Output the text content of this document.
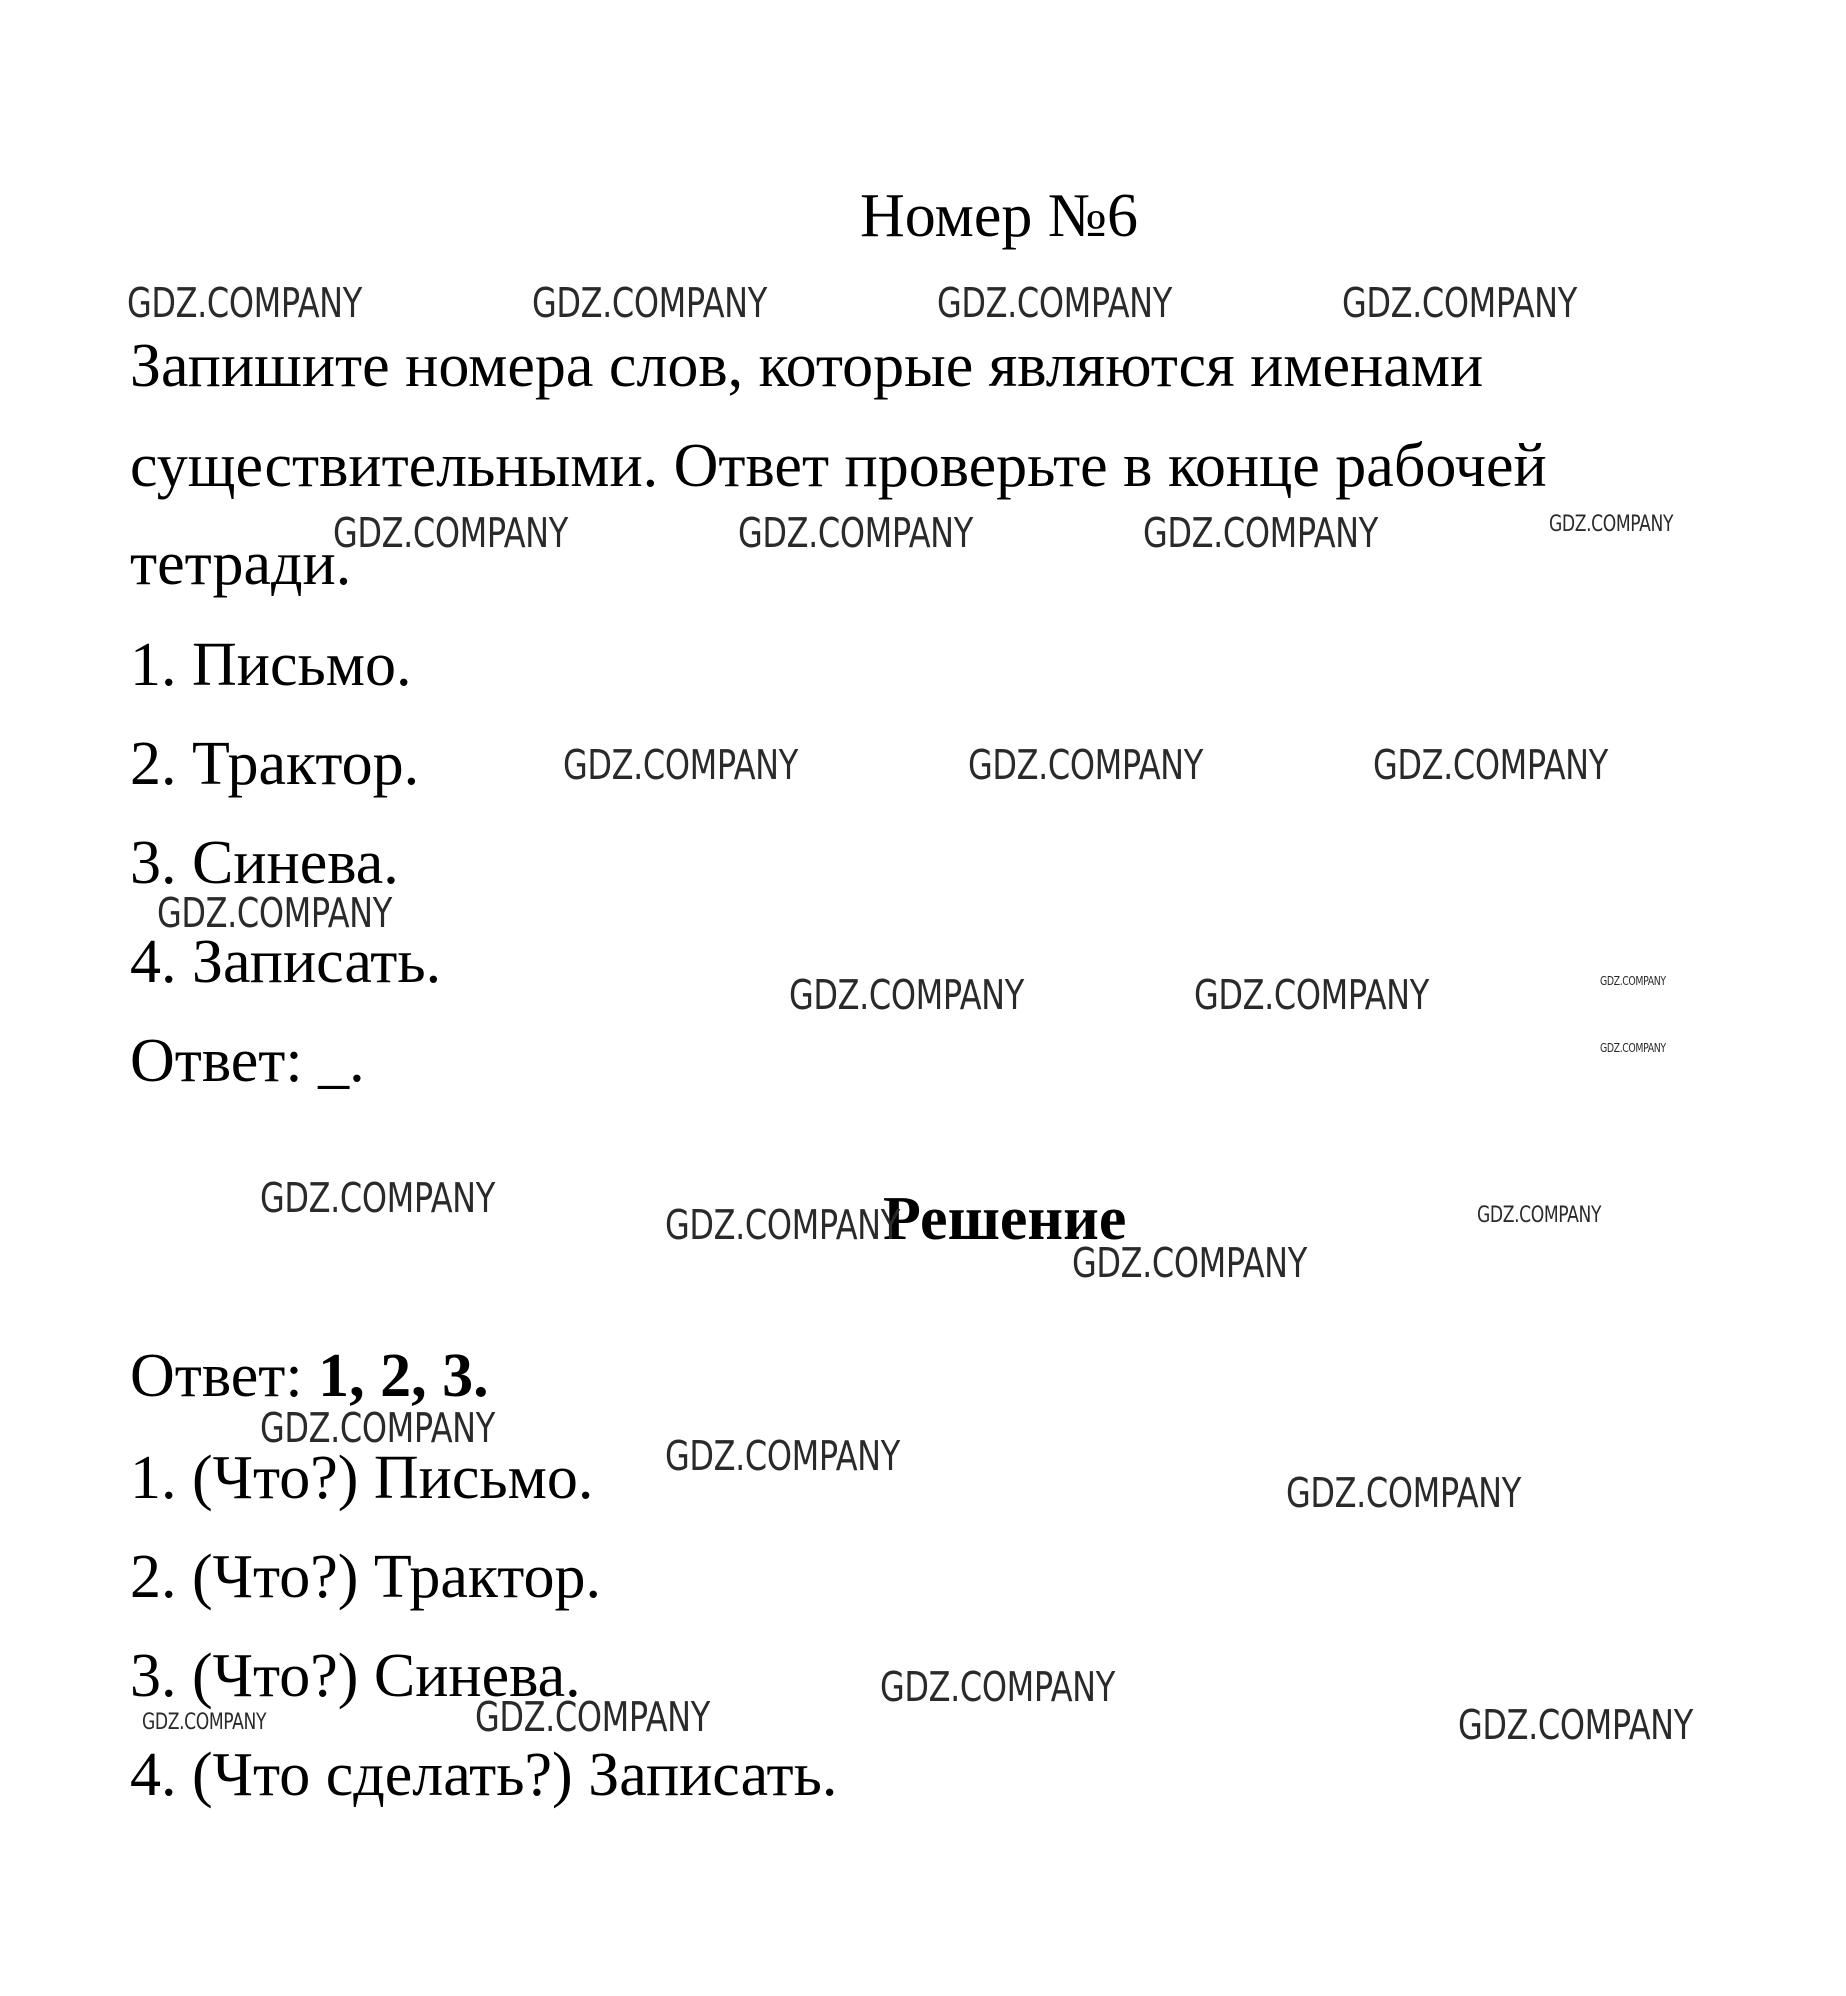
Номер №6
Запишите номера слов, которые являются именами
существительными. Ответ проверьте в конце рабочей
тетради.
1. Письмо.
2. Трактор.
3. Синева.
4. Записать.
Ответ: _.
Решение
Ответ: 1, 2, 3.
1. (Что?) Письмо.
2. (Что?) Трактор.
3. (Что?) Синева.
4. (Что сделать?) Записать.
GDZ.COMPANY	GDZ.COMPANY	GDZ.COMPANY	GDZ.COMPANY
GDZ.COMPANY	GDZ.COMPANY	GDZ.COMPANY	GDZ.COMPANY
GDZ.COMPANY	GDZ.COMPANY	GDZ.COMPANY
GDZ.COMPANY
GDZ.COMPANY	GDZ.COMPANY	GDZ.COMPANY
GDZ.COMPANY
GDZ.COMPANY
GDZ.COMPANY
GDZ.COMPANY
GDZ.COMPANY
GDZ.COMPANY
GDZ.COMPANY
GDZ.COMPANY
GDZ.COMPANY
GDZ.COMPANY	GDZ.COMPANY	GDZ.COMPANY
